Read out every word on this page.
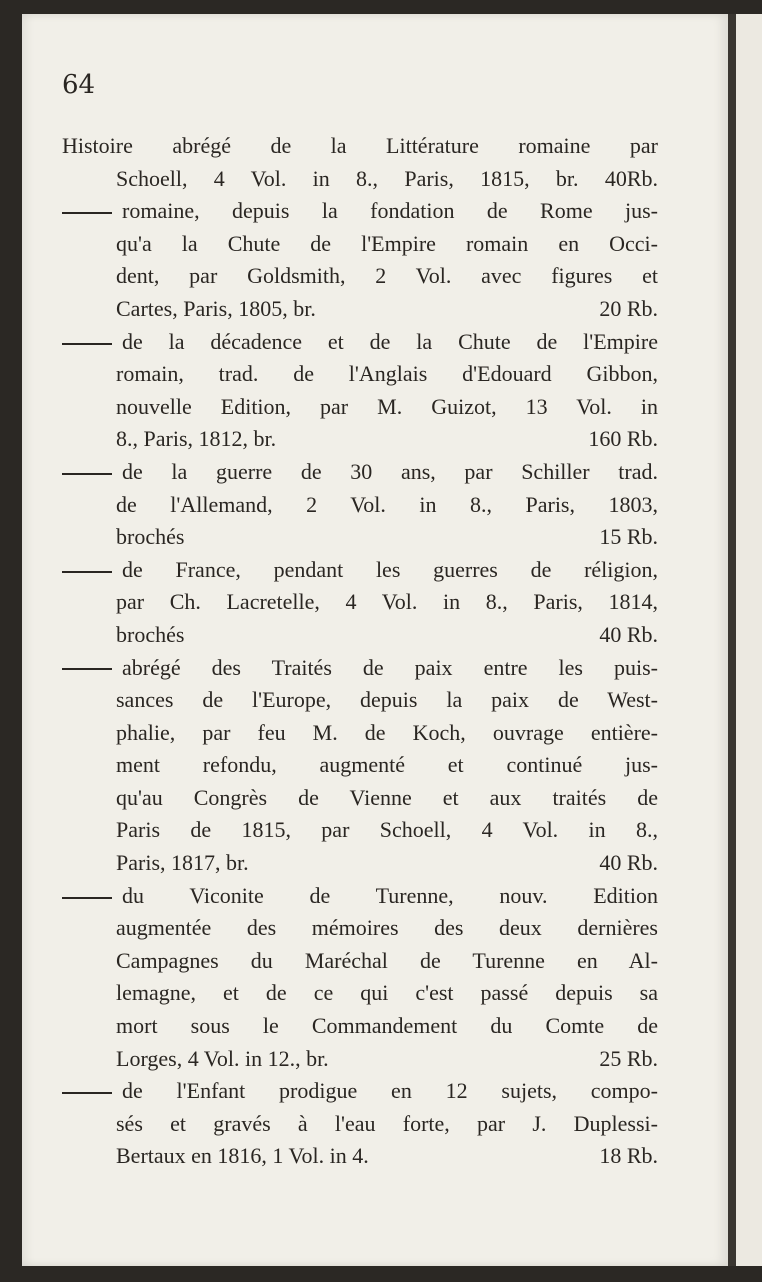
64
Histoire abrégé de la Littérature romaine par
Schoell, 4 Vol. in 8., Paris, 1815, br. 40Rb.
romaine, depuis la fondation de Rome jus-
qu'a la Chute de l'Empire romain en Occi-
dent, par Goldsmith, 2 Vol. avec figures et
Cartes, Paris, 1805, br.	20 Rb.
de la décadence et de la Chute de l'Empire
romain, trad. de l'Anglais d'Edouard Gibbon,
nouvelle Edition, par M. Guizot, 13 Vol. in
8., Paris, 1812, br.	160 Rb.
de la guerre de 30 ans, par Schiller trad.
de l'Allemand, 2 Vol. in 8., Paris, 1803,
brochés	15 Rb.
de France, pendant les guerres de réligion,
par Ch. Lacretelle, 4 Vol. in 8., Paris, 1814,
brochés	40 Rb.
abrégé des Traités de paix entre les puis-
sances de l'Europe, depuis la paix de West-
phalie, par feu M. de Koch, ouvrage entière-
ment refondu, augmenté et continué jus-
qu'au Congrès de Vienne et aux traités de
Paris de 1815, par Schoell, 4 Vol. in 8.,
Paris, 1817, br.	40 Rb.
du Viconite de Turenne, nouv. Edition
augmentée des mémoires des deux dernières
Campagnes du Maréchal de Turenne en Al-
lemagne, et de ce qui c'est passé depuis sa
mort sous le Commandement du Comte de
Lorges, 4 Vol. in 12., br.	25 Rb.
de l'Enfant prodigue en 12 sujets, compo-
sés et gravés à l'eau forte, par J. Duplessi-
Bertaux en 1816, 1 Vol. in 4.	18 Rb.
